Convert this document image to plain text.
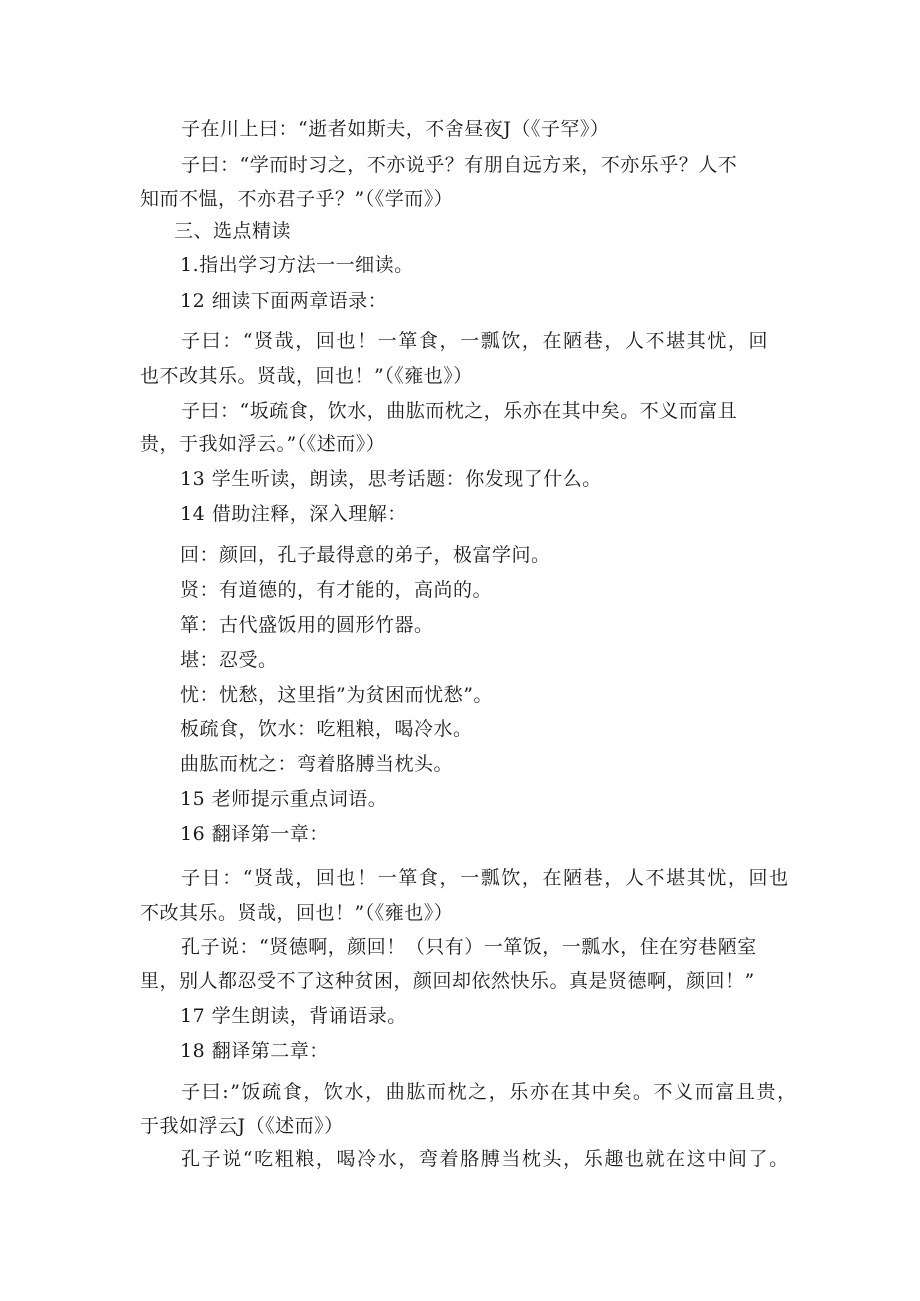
子在川上曰：“逝者如斯夫，不舍昼夜J（《子罕》）
子曰：“学而时习之，不亦说乎？有朋自远方来，不亦乐乎？人不
知而不愠，不亦君子乎？”（《学而》）
三、选点精读
1.指出学习方法一一细读。
12 细读下面两章语录：
子曰：“贤哉，回也！一箪食，一瓢饮，在陋巷，人不堪其忧，回
也不改其乐。贤哉，回也！”（《雍也》）
子曰：“坂疏食，饮水，曲肱而枕之，乐亦在其中矣。不义而富且
贵，于我如浮云。”（《述而》）
13 学生听读，朗读，思考话题：你发现了什么。
14 借助注释，深入理解：
回：颜回，孔子最得意的弟子，极富学问。
贤：有道德的，有才能的，高尚的。
箪：古代盛饭用的圆形竹器。
堪：忍受。
忧：忧愁，这里指”为贫困而忧愁”。
板疏食，饮水：吃粗粮，喝冷水。
曲肱而枕之：弯着胳膊当枕头。
15 老师提示重点词语。
16 翻译第一章：
子日：“贤哉，回也！一箪食，一瓢饮，在陋巷，人不堪其忧，回也
不改其乐。贤哉，回也！”（《雍也》）
孔子说：“贤德啊，颜回！（只有）一箪饭，一瓢水，住在穷巷陋室
里，别人都忍受不了这种贫困，颜回却依然快乐。真是贤德啊，颜回！”
17 学生朗读，背诵语录。
18 翻译第二章：
子曰:”饭疏食，饮水，曲肱而枕之，乐亦在其中矣。不义而富且贵，
于我如浮云J（《述而》）
孔子说“吃粗粮，喝冷水，弯着胳膊当枕头，乐趣也就在这中间了。
